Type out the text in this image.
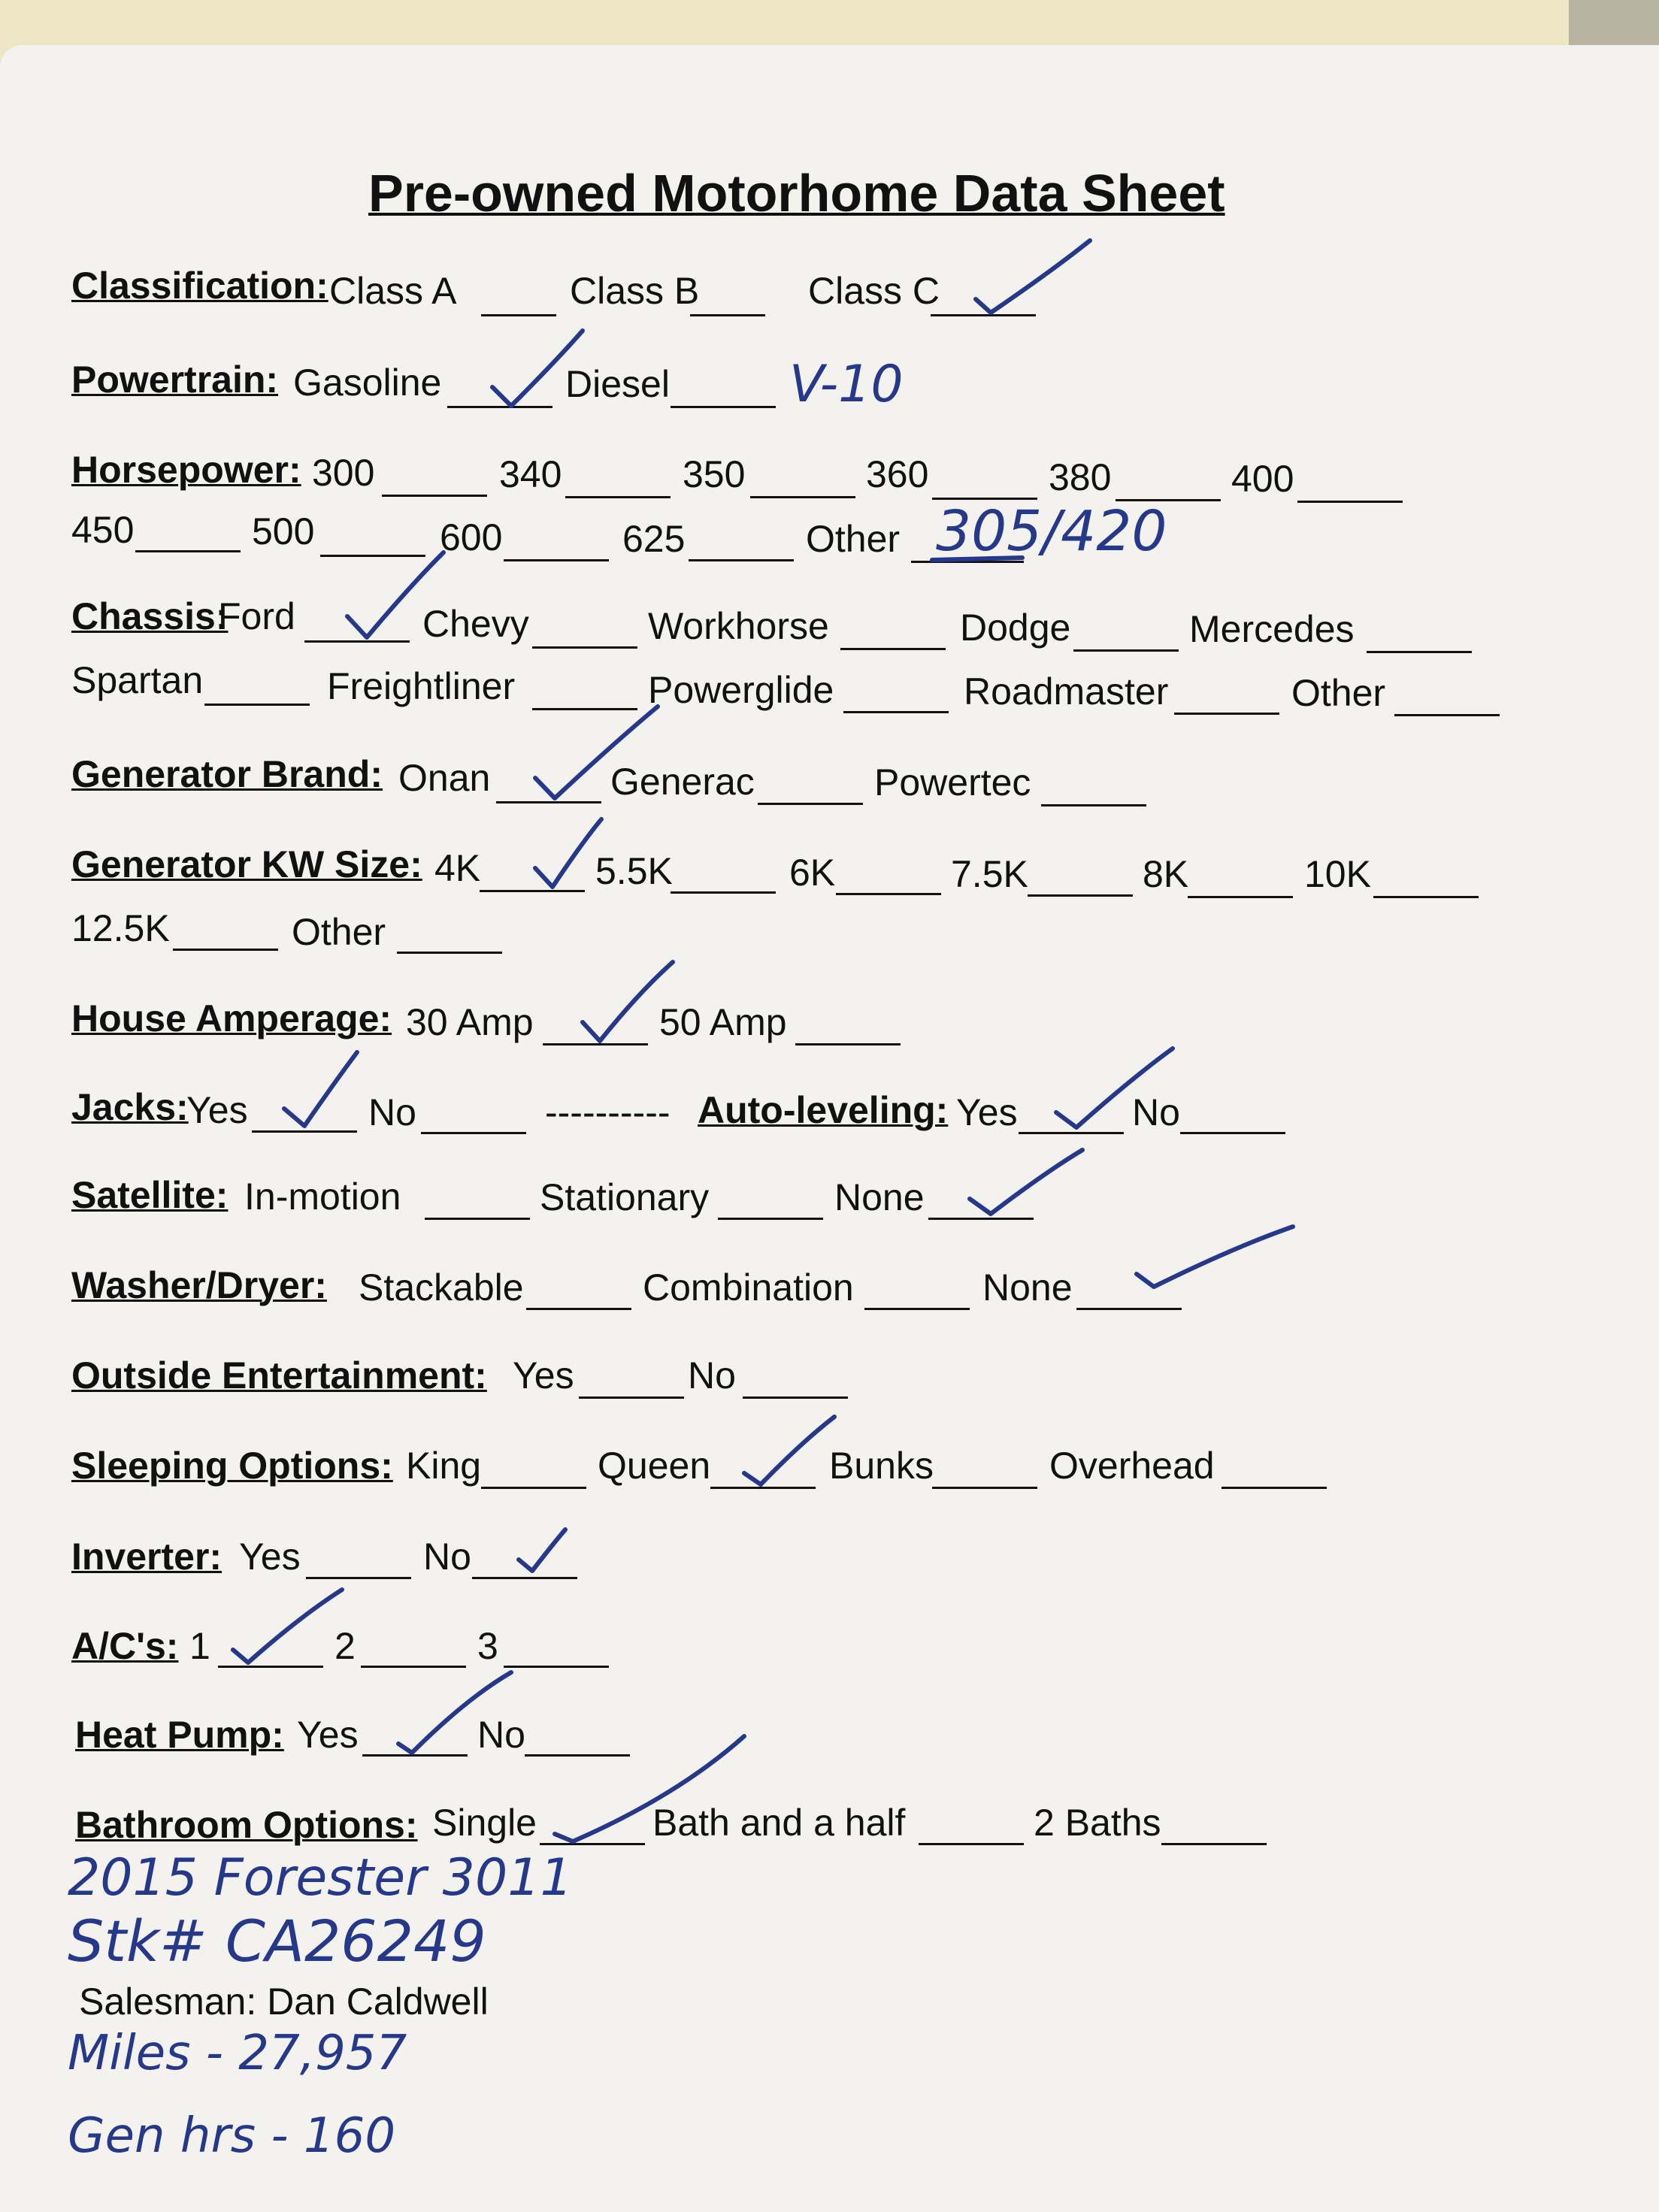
Pre-owned Motorhome Data Sheet
Classification: Class A	Class B	Class C
Powertrain: Gasoline	Diesel V-10
Horsepower: 300	340	350	360	380	400
450	500	600	625	Other 305/420
Chassis:
Ford	Chevy	Workhorse	Dodge	Mercedes
Spartan	Freightliner	Powerglide	Roadmaster	Other
Generator Brand: Onan	Generac	Powertec
Generator KW Size: 4K	5.5K	6K	7.5K	8K	10K
12.5K	Other
House Amperage: 30 Amp	50 Amp
Jacks:
Yes	No	---------- Auto-leveling: Yes	No
Satellite: In-motion	Stationary	None
Washer/Dryer: Stackable	Combination	None
Outside Entertainment: Yes	No
Sleeping Options: King	Queen	Bunks	Overhead
Inverter: Yes	No
A/C's: 1	2	3
Heat Pump: Yes	No
Bathroom Options: Single	Bath and a half	2 Baths
2015 Forester 3011
Stk# CA26249
Salesman: Dan Caldwell
Miles - 27,957
Gen hrs - 160
